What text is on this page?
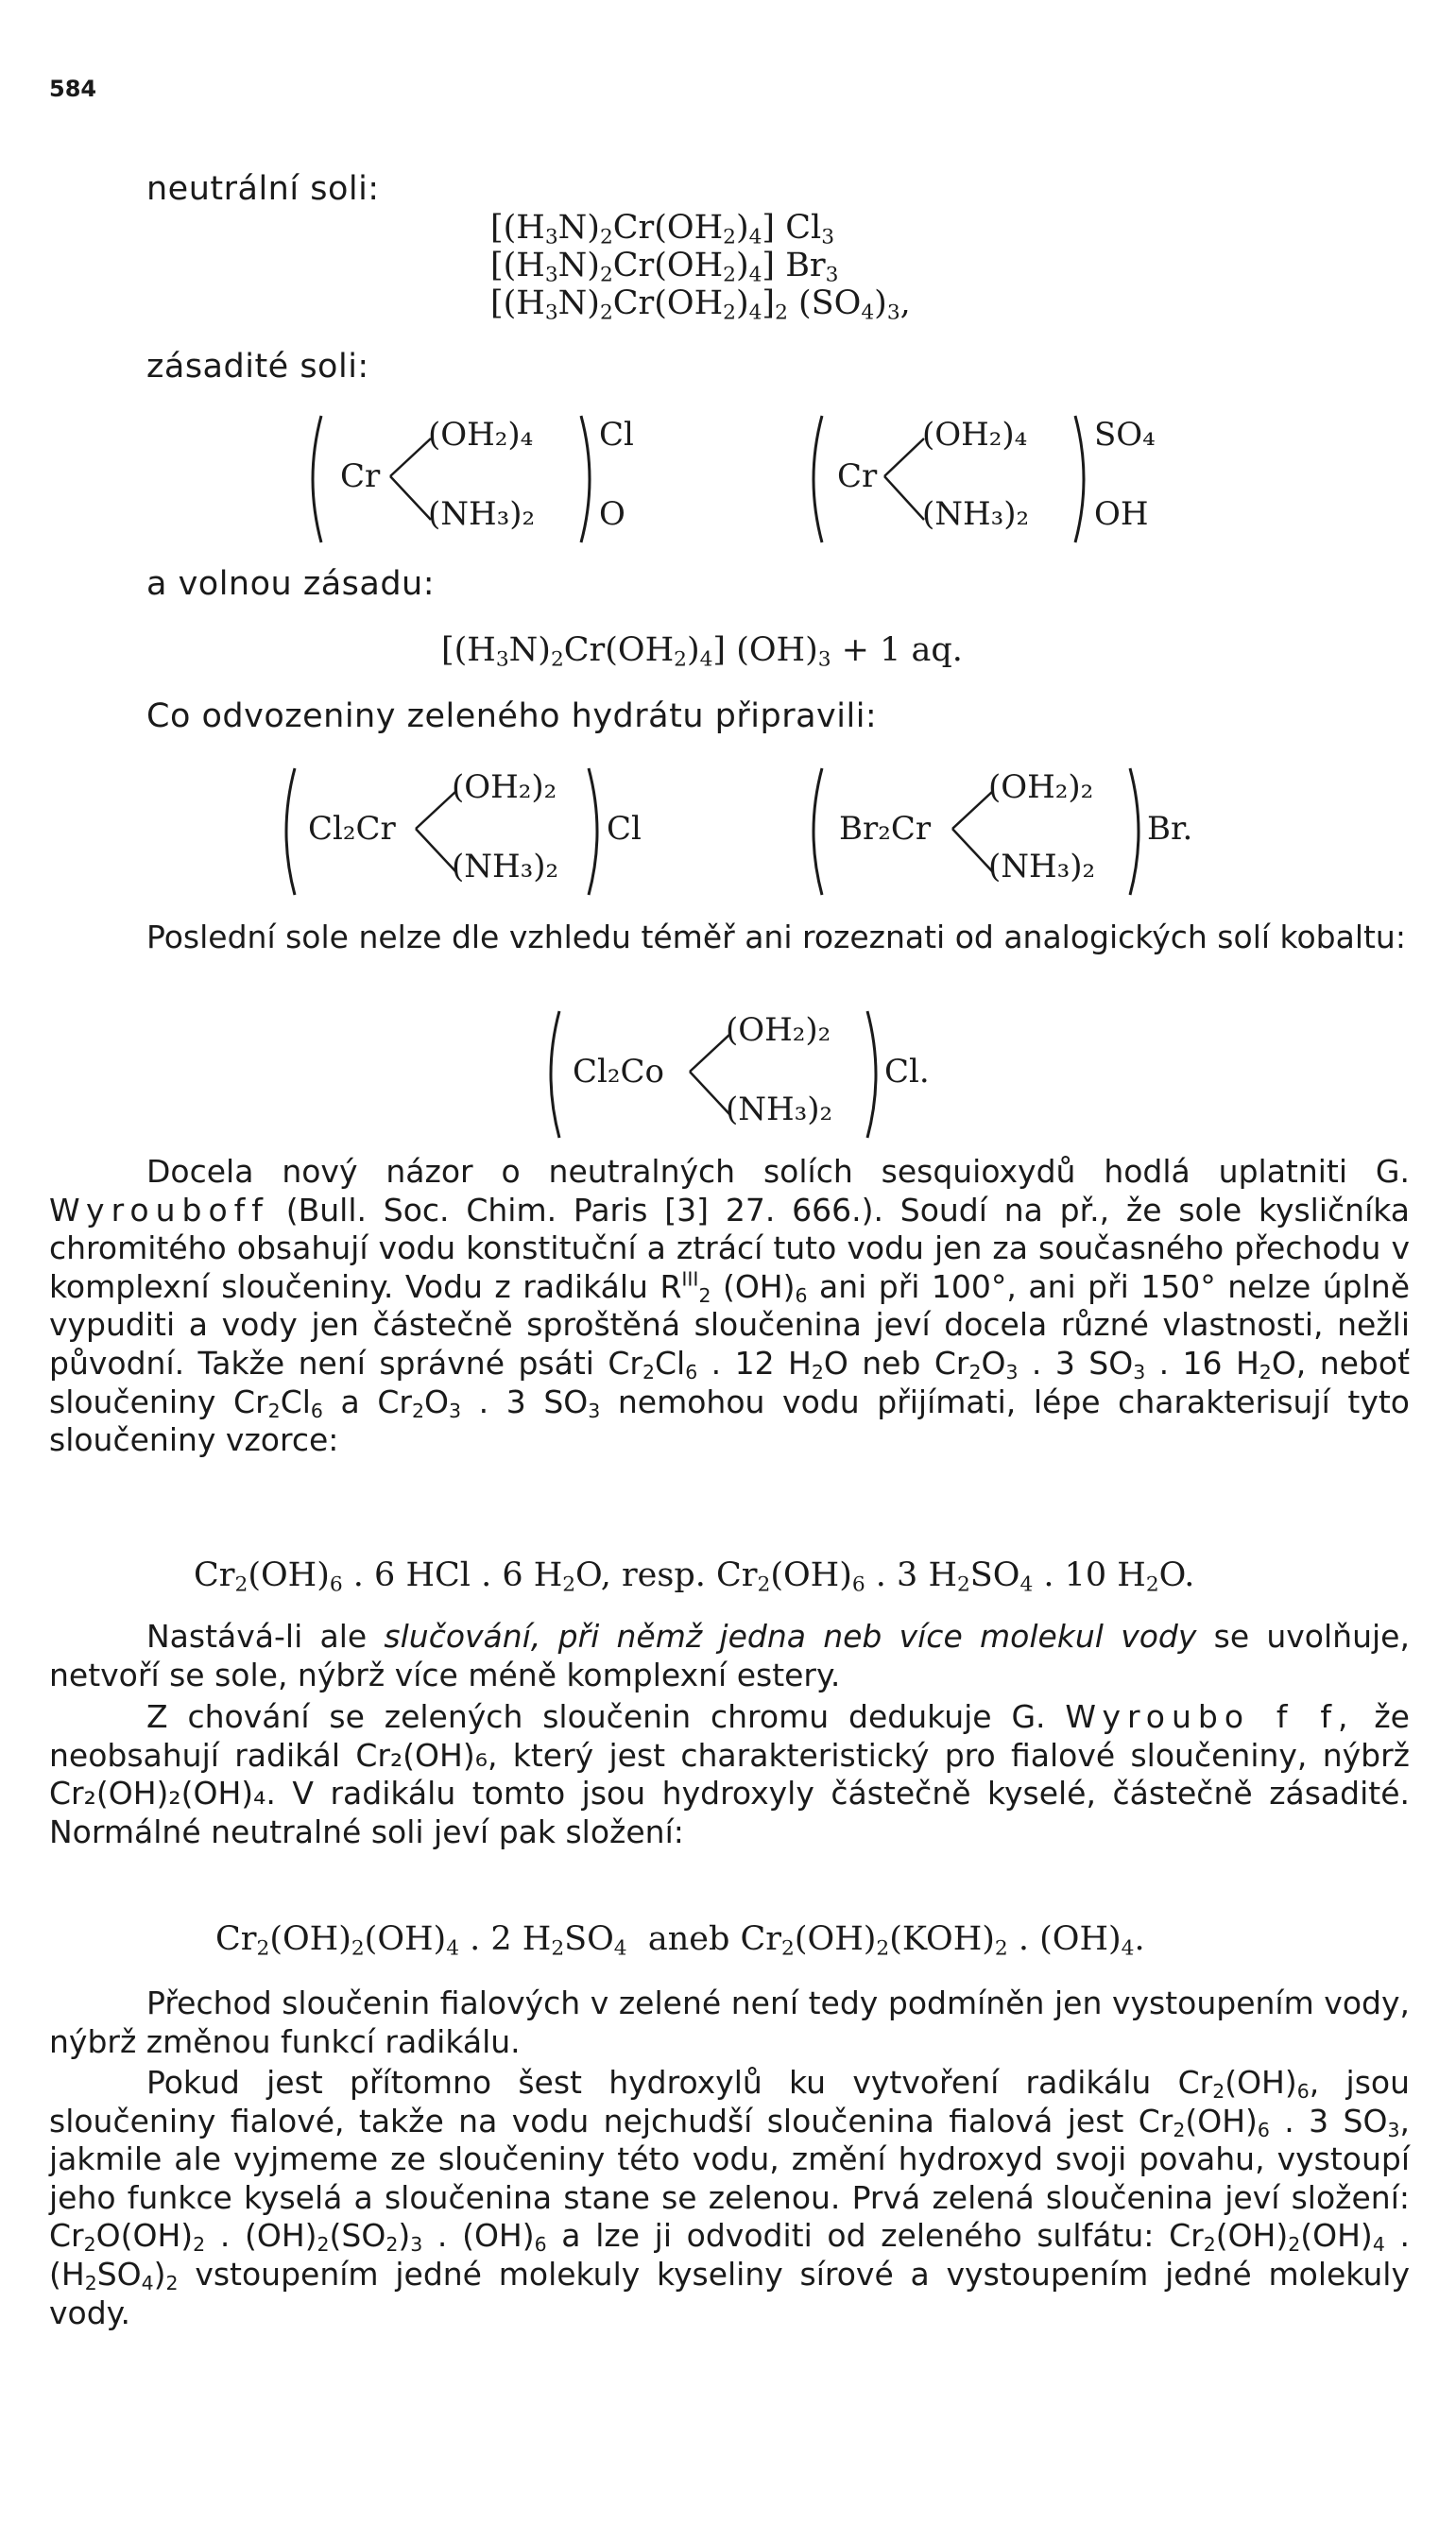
584
neutrální soli:
$[(H_3N)_2Cr(OH_2)_4]$ $Cl_3$
$[(H_3N)_2Cr(OH_2)_4]$ $Br_3$
$[(H_3N)_2Cr(OH_2)_4]_2$ $(SO_4)_3$,
zásadité soli:
Cr
(OH₂)₄
(NH₃)₂
Cl
O
Cr
(OH₂)₄
(NH₃)₂
SO₄
OH
a volnou zásadu:
$[(H_3N)_2Cr(OH_2)_4] (OH)_3 + 1$ aq.
Co odvozeniny zeleného hydrátu připravili:
Cl₂Cr
(OH₂)₂
(NH₃)₂
Cl	Br₂Cr
(OH₂)₂
(NH₃)₂
Br.

Poslední sole nelze dle vzhledu téměř ani rozeznati od analogických solí kobaltu:

Cl₂Co
(OH₂)₂
(NH₃)₂
Cl.

Docela nový názor o neutralných solích sesquioxydů hodlá uplatniti G. Wyrouboff (Bull. Soc. Chim. Paris [3] 27. 666.). Soudí na př., že sole kysličníka chromitého obsahují vodu konstituční a ztrácí tuto vodu jen za současného přechodu v komplexní sloučeniny. Vodu z radikálu $R^{III}_2$ $(OH)_6$ ani při 100°, ani při 150° nelze úplně vypuditi a vody jen částečně sproštěná sloučenina jeví docela různé vlastnosti, nežli původní. Takže není správné psáti $Cr_2Cl_6$ . 12 $H_2O$ neb $Cr_2O_3$ . 3 $SO_3$ . 16 $H_2O$, neboť sloučeniny $Cr_2Cl_6$ a $Cr_2O_3$ . 3 $SO_3$ nemohou vodu přijímati, lépe charakterisují tyto sloučeniny vzorce:

$Cr_2(OH)_6$ . 6 HCl . 6 $H_2O$, resp. $Cr_2(OH)_6$ . 3 $H_2SO_4$ . 10 $H_2O$.

Nastává-li ale slučování, při němž jedna neb více molekul vody se uvolňuje, netvoří se sole, nýbrž více méně komplexní estery.

Z chování se zelených sloučenin chromu dedukuje G. Wyroubo f f, že neobsahují radikál Cr₂(OH)₆, který jest charakteristický pro fialové sloučeniny, nýbrž Cr₂(OH)₂(OH)₄. V radikálu tomto jsou hydroxyly částečně kyselé, částečně zásadité. Normálné neutralné soli jeví pak složení:

$Cr_2(OH)_2(OH)_4$ . 2 $H_2SO_4$  aneb $Cr_2(OH)_2(KOH)_2$ . $(OH)_4$.

Přechod sloučenin fialových v zelené není tedy podmíněn jen vystoupením vody, nýbrž změnou funkcí radikálu.

Pokud jest přítomno šest hydroxylů ku vytvoření radikálu $Cr_2(OH)_6$, jsou sloučeniny fialové, takže na vodu nejchudší sloučenina fialová jest $Cr_2(OH)_6$ . 3 $SO_3$, jakmile ale vyjmeme ze sloučeniny této vodu, změní hydroxyd svoji povahu, vystoupí jeho funkce kyselá a sloučenina stane se zelenou. Prvá zelená sloučenina jeví složení: $Cr_2O(OH)_2$ . $(OH)_2(SO_2)_3$ . $(OH)_6$ a lze ji odvoditi od zeleného sulfátu: $Cr_2(OH)_2(OH)_4$ . $(H_2SO_4)_2$ vstoupením jedné molekuly kyseliny sírové a vystoupením jedné molekuly vody.
